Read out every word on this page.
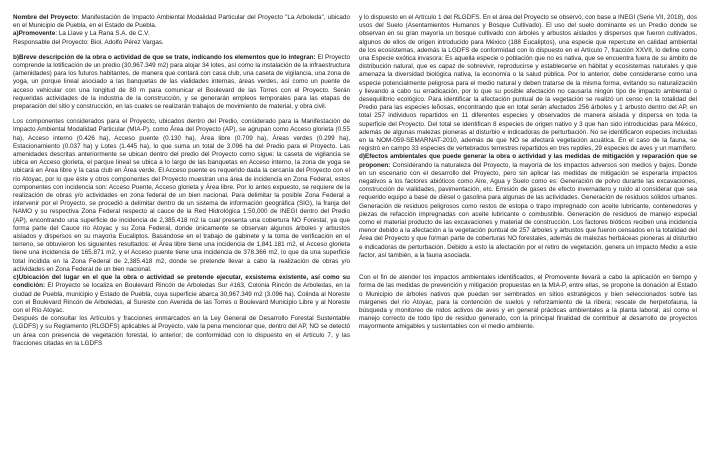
Nombre del Proyecto: Manifestación de Impacto Ambiental Modalidad Particular del Proyecto "La Arboleda", ubicado en el Municipio de Puebla, en el Estado de Puebla.

a)Promovente: La Llave y La Rana S.A. de C.V.

Responsable del Proyecto: Biol. Adolfo Pérez Vargas.

b)Breve descripción de la obra o actividad de que se trate, indicando los elementos que lo integran: El Proyecto comprende la lotificación de un predio (30,967.349 m2) para alojar 34 lotes, así como la instalación de la infraestructura (amenidades) para los futuros habitantes, de manera que contará con casa club, una caseta de vigilancia, una zona de yoga, un porque lineal asociado a las banquetas de las vialidades internas, áreas verdes, así como un puente de acceso vehicular con una longitud de 80 m para comunicar el Boulevard de las Torres con el Proyecto. Serán requeridas actividades de la industria de la construcción, y se generarán empleos temporales para las etapas de preparación del sitio y construcción, en las cuales se realizarán trabajos de movimiento de material, y obra civil.

Los componentes considerados para el Proyecto, ubicados dentro del Predio, considerado para la Manifestación de Impacto Ambiental Modalidad Particular (MIA-P), como Área del Proyecto (AP), se agrupan como Acceso glorieta (0.55 ha), Acceso interno (0.426 ha), Acceso puente (0.130 ha), Área libre (0.709 ha), Áreas verdes (0.299 ha), Estacionamiento (0.037 ha) y Lotes (1.445 ha), lo que suma un total de 3.096 ha del Predio para el Proyecto. Las amenidades descritas anteriormente se ubican dentro del predio del Proyecto como sigue: la caseta de vigilancia se ubica en Acceso glorieta, el parque lineal se ubica a lo largo de las banquetas en Acceso interno, la zona de yoga se ubicará en Área libre y la casa club en Área verde. El Acceso puente es requerido dada la cercanía del Proyecto con el río Atoyac, por lo que éste y otros componentes del Proyecto muestran una área de incidencia en Zona Federal, estos componentes con incidencia son: Acceso Puente, Acceso glorieta y Área libre. Por lo antes expuesto, se requiere de la realización de obras y/o actividades en zona federal de un bien nacional. Para delimitar la posible Zona Federal a intervenir por el Proyecto, se procedió a delimitar dentro de un sistema de información geográfica (SIG), la franja del NAMO y su respectiva Zona Federal respecto al cauce de la Red Hidrológica 1:50,000 de INEGI dentro del Predio (AP), encontrando una superficie de incidencia de 2,385.418 m2 la cual presenta una cobertura NO Forestal, ya que forma parte del Cauce río Atoyac y su Zona Federal, donde únicamente se observan algunos árboles y arbustos aislados y dispersos en su mayoría Eucaliptos. Basándose en el trabajo de gabinete y la toma de verificación en el terreno, se obtuvieron los siguientes resultados: el Área libre tiene una incidencia de 1,841.181 m2, el Acceso glorieta tiene una incidencia de 165.871 m2, y el Acceso puente tiene una incidencia de 378.366 m2, lo que da una superficie total incidida en la Zona Federal de 2,385.418 m2, donde se pretende llevar a cabo la realización de obras y/o actividades en Zona Federal de un bien nacional.

c)Ubicación del lugar en el que la obra o actividad se pretende ejecutar, exsistema existente, así como su condición: El Proyecto se localiza en Boulevard Rincón de Arboledas Sur #163, Colonia Rincón de Arboledas, en la ciudad de Puebla, municipio y Estado de Puebla, cuya superficie abarca 30,967.349 m2 (3.096 ha). Colinda al Noreste con el Boulevard Rincón de Arboledas, al Sureste con Avenida de las Torres o Boulevard Municipio Libre y al Noreste con el Río Atoyac.

Después de consultar los Artículos y fracciones enmarcados en la Ley General de Desarrollo Forestal Sustentable (LGDFS) y su Reglamento (RLGDFS) aplicables al Proyecto, vale la pena mencionar que, dentro del AP, NO se detectó un área con presencia de vegetación forestal, lo anterior; de conformidad con lo dispuesto en el Artículo 7, y las fracciones citadas en la LGDFS

y lo dispuesto en el Artículo 1 del RLGDFS. En el área del Proyecto se observó, con base a INEGI (Serie VII, 2018), dos usos del Suelo (Asentamientos Humanos y Bosque Cultivado). El uso del suelo dominante es un Predio donde se observan en su gran mayoría un bosque cultivado con árboles y arbustos aislados y dispersos que fueron cultivados, algunos de ellos de origen introducido para México (188 Eucaliptos), una especie que repercute en calidad ambiental de los ecosistemas, además la LGDFS de conformidad con lo dispuesto en el Artículo 7, fracción XXVII, lo define como una Especie exótica invasora: Es aquella especie o población que no es nativa, que se encuentra fuera de su ámbito de distribución natural, que es capaz de sobrevivir, reproducirse y establecerse en hábitat y ecosistemas naturales y que amenaza la diversidad biológica nativa, la economía o la salud pública. Por lo anterior, debe considerarse como una especie potencialmente peligrosa para el medio natural y deben tratarse de la misma forma, evitando su naturalización y llevando a cabo su erradicación, por lo que su posible afectación no causaría ningún tipo de impacto ambiental o desequilibrio ecológico. Para identificar la afectación puntual de la vegetación se realizó un censo en la totalidad del Predio para las especies leñosas, encontrando que en total serán afectados 256 árboles y 1 arbusto dentro del AP, en total 257 individuos repartidos en 11 diferentes especies y observados de manera aislada y dispersa en toda la superficie del Proyecto. Del total se identifican 8 especies de origen nativo y 3 que han sido introducidas para México, además de algunas malezas pioneras al disturbio e indicadoras de perturbación. No se identificaron especies incluidas en la NOM-059-SEMARNAT-2010, además de que NO se afectará vegetación acuática. En el caso de la fauna, se registró en campo 33 especies de vertebrados terrestres repartidos en tres reptiles, 29 especies de aves y un mamífero.

d)Efectos ambientales que puede generar la obra o actividad y las medidas de mitigación y reparación que se proponen: Considerando la naturaleza del Proyecto, la mayoría de los impactos adversos son medios y bajos. Donde en un escenario con el desarrollo del Proyecto, pero sin aplicar las medidas de mitigación se esperaría impactos negativos a los factores abióticos como Aire, Agua y Suelo como es: Generación de polvo durante las excavaciones, construcción de vialidades, pavimentación, etc. Emisión de gases de efecto invernadero y ruido al considerar que sea requerido equipo a base de diésel o gasolina para algunas de las actividades. Generación de residuos sólidos urbanos. Generación de residuos peligrosos como restos de estopa o trapo impregnado con aceite lubricante, contenedores y piezas de refacción impregnadas con aceite lubricante o combustible. Generación de residuos de manejo especial como el material producto de las excavaciones y material de construcción. Los factores bióticos reciben una incidencia menor debido a la afectación a la vegetación puntual de 257 árboles y arbustos que fueron censados en la totalidad del Área del Proyecto y que forman parte de coberturas NO forestales, además de malezas herbáceas pioneras al disturbio e indicadoras de perturbación. Debido a esto la afectación por el retiro de vegetación, genera un impacto Medio a este factor, así también, a la fauna asociada.

Con el fin de atender los impactos ambientales identificados, el Promovente llevará a cabo la aplicación en tiempo y forma de las medidas de prevención y mitigación propuestas en la MIA-P, entre ellas, se propone la donación al Estado o Municipio de árboles nativos que puedan ser sembrados en sitios estratégicos y bien seleccionados sobre las márgenes del río Atoyac, para la contención de suelos y reforzamiento de la ribera; rescate de herpetofauna, la búsqueda y monitoreo de nidos activos de aves y en general prácticas ambientales a la planta laboral; así como el manejo correcto de todo tipo de residuo generado, con la principal finalidad de contribuir al desarrollo de proyectos mayormente amigables y sustentables con el medio ambiente.
